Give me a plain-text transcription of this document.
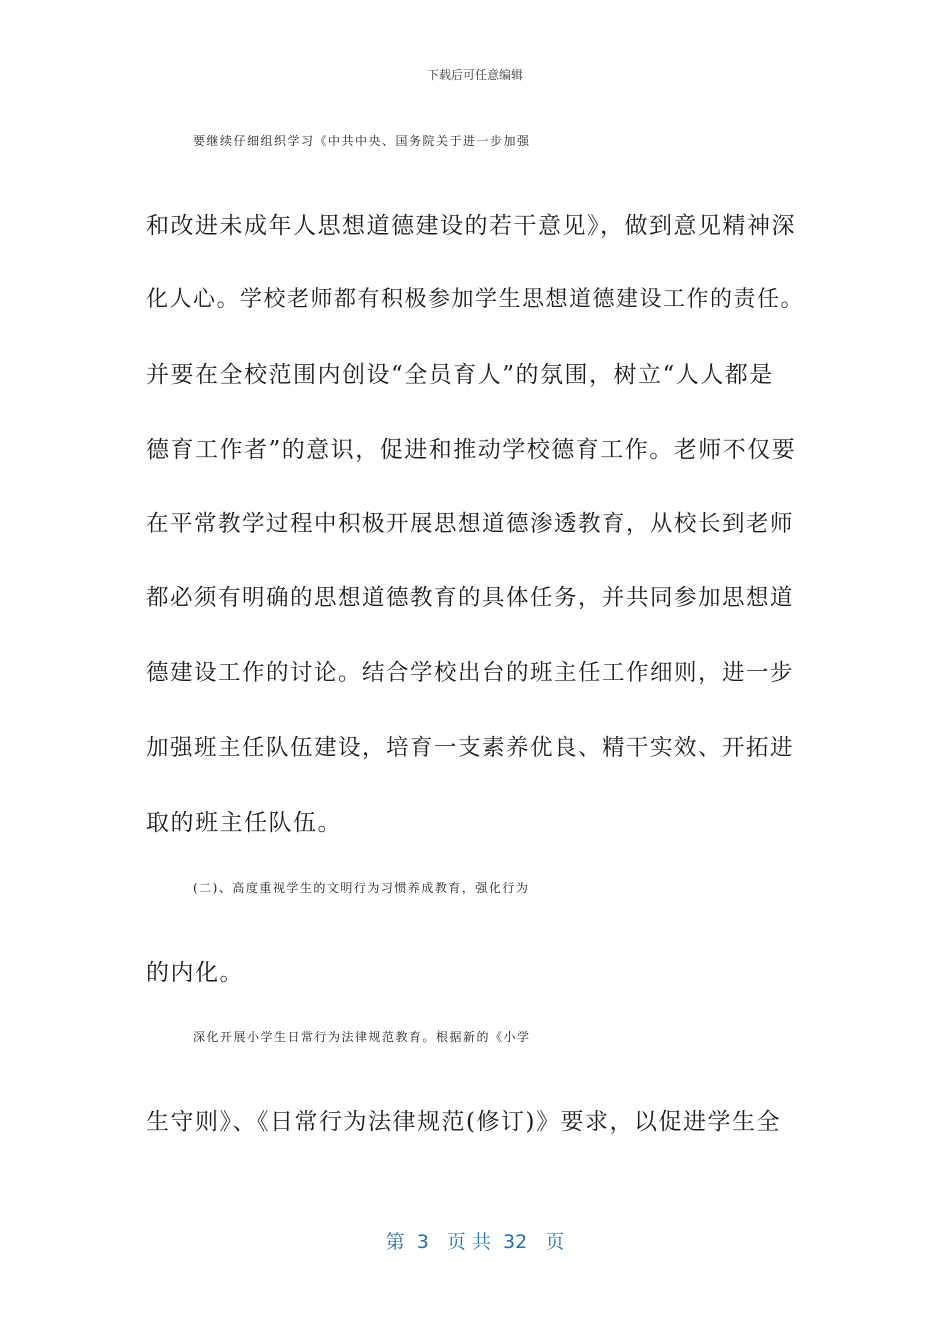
下载后可任意编辑
要继续仔细组织学习《中共中央、国务院关于进一步加强
和改进未成年人思想道德建设的若干意见》，做到意见精神深
化人心。学校老师都有积极参加学生思想道德建设工作的责任。
并要在全校范围内创设“全员育人”的氛围，树立“人人都是
德育工作者”的意识，促进和推动学校德育工作。老师不仅要
在平常教学过程中积极开展思想道德渗透教育，从校长到老师
都必须有明确的思想道德教育的具体任务，并共同参加思想道
德建设工作的讨论。结合学校出台的班主任工作细则，进一步
加强班主任队伍建设，培育一支素养优良、精干实效、开拓进
取的班主任队伍。
(二)、高度重视学生的文明行为习惯养成教育，强化行为
的内化。
深化开展小学生日常行为法律规范教育。根据新的《小学
生守则》、《日常行为法律规范(修订)》要求，以促进学生全
第  3   页 共  32   页
